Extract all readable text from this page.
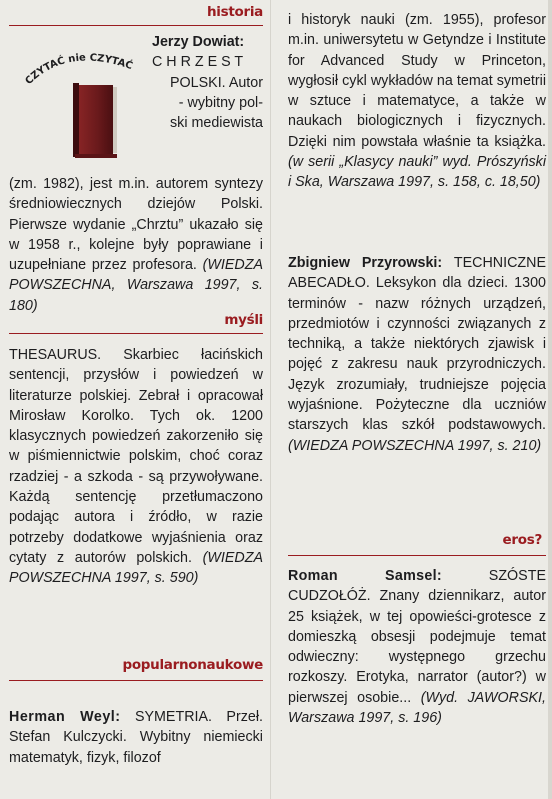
historia
CZYTAĆ nie CZYTAĆ
Jerzy Dowiat:
C H R Z E S T
POLSKI. Autor
- wybitny pol-
ski mediewista
(zm. 1982), jest m.in. autorem syntezy średniowiecznych dziejów Polski. Pierwsze wydanie „Chrztu” ukazało się w 1958 r., kolejne były poprawiane i uzupełniane przez profesora. (WIEDZA POWSZECHNA, Warszawa 1997, s. 180)
myśli
THESAURUS. Skarbiec łacińskich sentencji, przysłów i powiedzeń w literaturze polskiej. Zebrał i opracował Mirosław Korolko. Tych ok. 1200 klasycznych powiedzeń zakorzeniło się w piśmiennictwie polskim, choć coraz rzadziej - a szkoda - są przywoływane. Każdą sentencję przetłumaczono podając autora i źródło, w razie potrzeby dodatkowe wyjaśnienia oraz cytaty z autorów polskich. (WIEDZA POWSZECHNA 1997, s. 590)
popularnonaukowe
Herman Weyl: SYMETRIA. Przeł. Stefan Kulczycki. Wybitny niemiecki matematyk, fizyk, filozof
i historyk nauki (zm. 1955), profesor m.in. uniwersytetu w Getyndze i Institute for Advanced Study w Princeton, wygłosił cykl wykładów na temat symetrii w sztuce i matematyce, a także w naukach biologicznych i fizycznych. Dzięki nim powstała właśnie ta książka. (w serii „Klasycy nauki” wyd. Prószyński i Ska, Warszawa 1997, s. 158, c. 18,50)
Zbigniew Przyrowski: TECHNICZNE ABECADŁO. Leksykon dla dzieci. 1300 terminów - nazw różnych urządzeń, przedmiotów i czynności związanych z techniką, a także niektórych zjawisk i pojęć z zakresu nauk przyrodniczych. Język zrozumiały, trudniejsze pojęcia wyjaśnione. Pożyteczne dla uczniów starszych klas szkół podstawowych. (WIEDZA POWSZECHNA 1997, s. 210)
eros?
Roman Samsel:	SZÓSTE CUDZOŁÓŻ. Znany dziennikarz, autor 25 książek, w tej opowieści-grotesce z domieszką obsesji podejmuje temat odwieczny: występnego grzechu rozkoszy. Erotyka, narrator (autor?) w pierwszej osobie... (Wyd. JAWORSKI, Warszawa 1997, s. 196)
